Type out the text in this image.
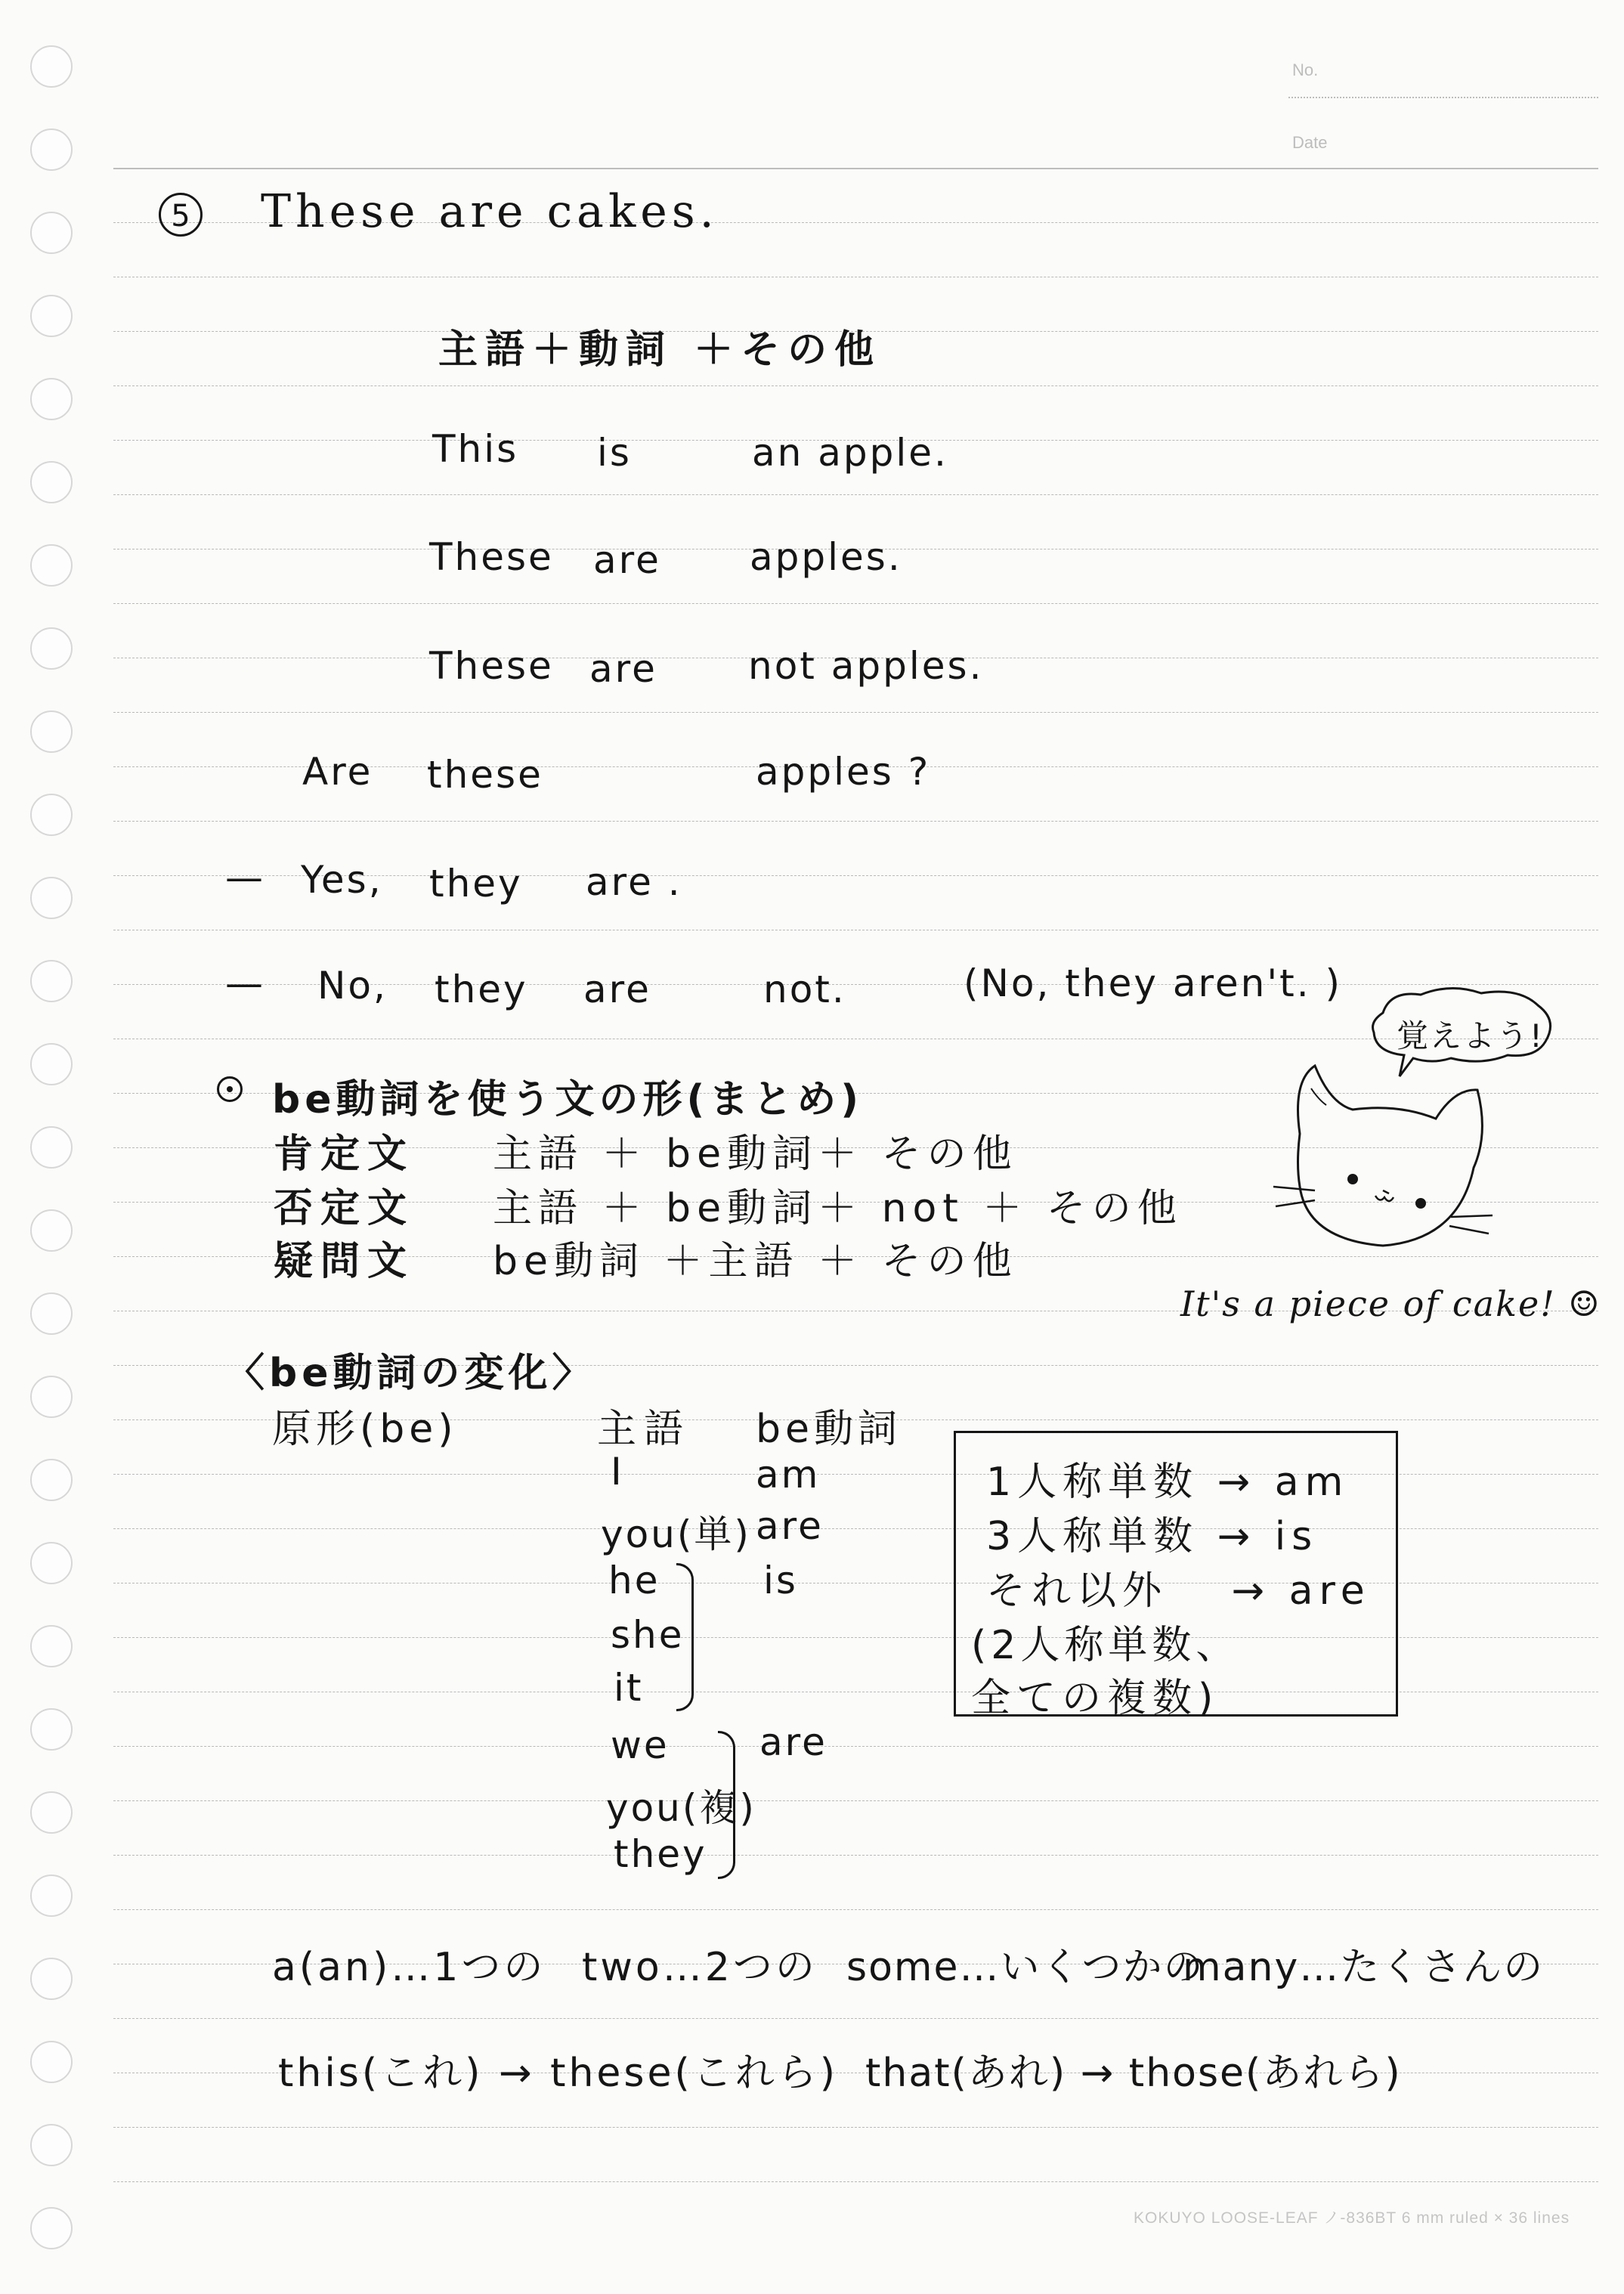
No.
Date
5 These are cakes.
主語＋動詞 ＋その他
This is	an apple.
These are apples.
These are not apples.
Are these	apples ?
— Yes, they are .
— No, they are	not.	(No, they aren't. )
be動詞を使う文の形(まとめ)
肯定文 主語 ＋ be動詞＋ その他
否定文 主語 ＋ be動詞＋ not ＋ その他
疑問文 be動詞 ＋主語 ＋ その他
覚えよう!
It's a piece of cake! ☺
〈be動詞の変化〉
原形(be)	主語 be動詞
I	am
you(単) are
he	is
she
it
we are
you(複)
they
1人称単数 → am
3人称単数 → is
それ以外　 → are
(2人称単数、
全ての複数)
a(an)…1つの two…2つの some…いくつかの
many…たくさんの
this(これ) → these(これら) that(あれ) → those(あれら)
KOKUYO LOOSE-LEAF ノ-836BT 6 mm ruled × 36 lines
